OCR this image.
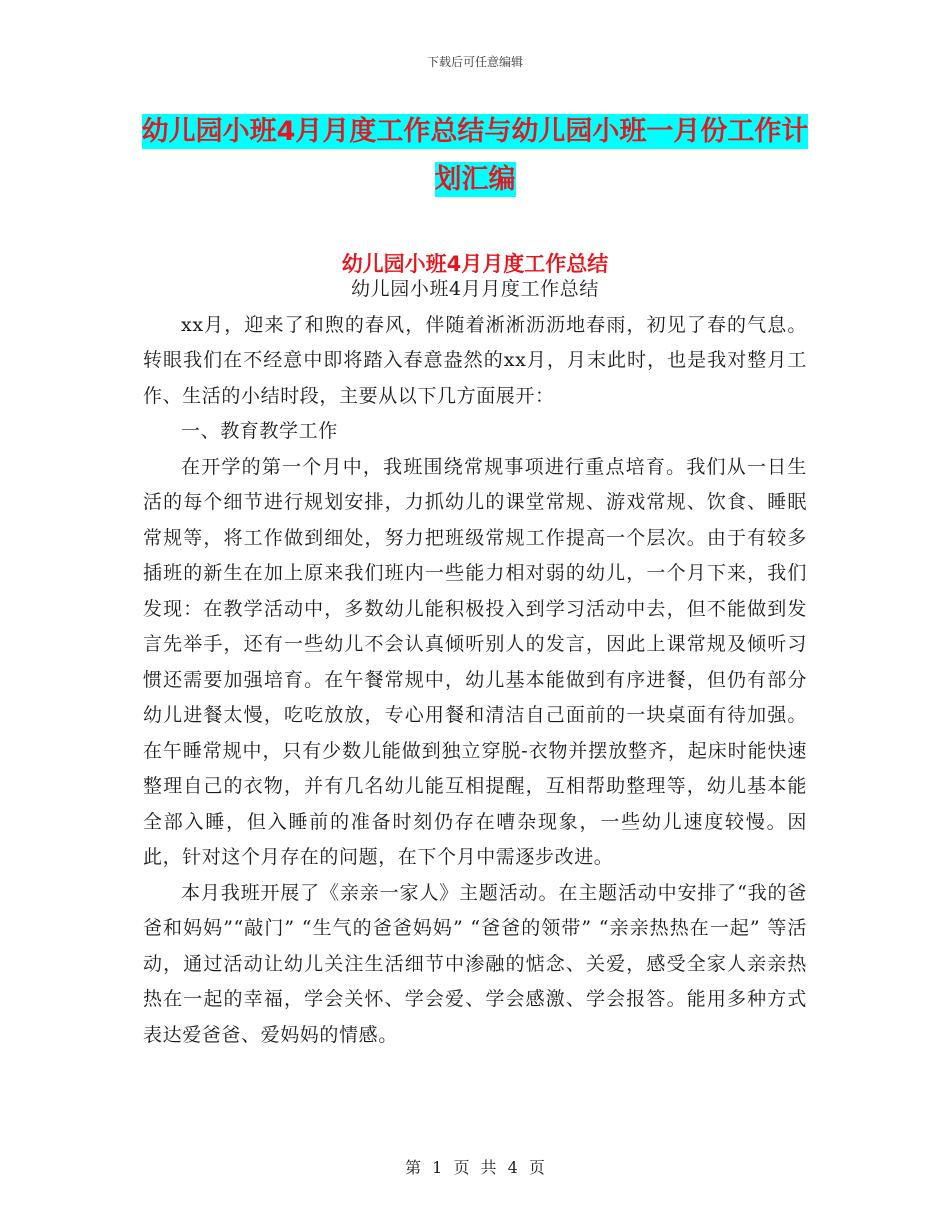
下载后可任意编辑
幼儿园小班4月月度工作总结与幼儿园小班一月份工作计划汇编
幼儿园小班4月月度工作总结

幼儿园小班4月月度工作总结

xx月，迎来了和煦的春风，伴随着淅淅沥沥地春雨，初见了春的气息。转眼我们在不经意中即将踏入春意盎然的xx月，月末此时，也是我对整月工作、生活的小结时段，主要从以下几方面展开：

一、教育教学工作

在开学的第一个月中，我班围绕常规事项进行重点培育。我们从一日生活的每个细节进行规划安排，力抓幼儿的课堂常规、游戏常规、饮食、睡眠常规等，将工作做到细处，努力把班级常规工作提高一个层次。由于有较多插班的新生在加上原来我们班内一些能力相对弱的幼儿，一个月下来，我们发现：在教学活动中，多数幼儿能积极投入到学习活动中去，但不能做到发言先举手，还有一些幼儿不会认真倾听别人的发言，因此上课常规及倾听习惯还需要加强培育。在午餐常规中，幼儿基本能做到有序进餐，但仍有部分幼儿进餐太慢，吃吃放放，专心用餐和清洁自己面前的一块桌面有待加强。在午睡常规中，只有少数儿能做到独立穿脱-衣物并摆放整齐，起床时能快速整理自己的衣物，并有几名幼儿能互相提醒，互相帮助整理等，幼儿基本能全部入睡，但入睡前的准备时刻仍存在嘈杂现象，一些幼儿速度较慢。因此，针对这个月存在的问题，在下个月中需逐步改进。

本月我班开展了《亲亲一家人》主题活动。在主题活动中安排了“我的爸爸和妈妈”“敲门” “生气的爸爸妈妈” “爸爸的领带” “亲亲热热在一起” 等活动，通过活动让幼儿关注生活细节中渗融的惦念、关爱，感受全家人亲亲热热在一起的幸福，学会关怀、学会爱、学会感激、学会报答。能用多种方式表达爱爸爸、爱妈妈的情感。

第 1 页 共 4 页
